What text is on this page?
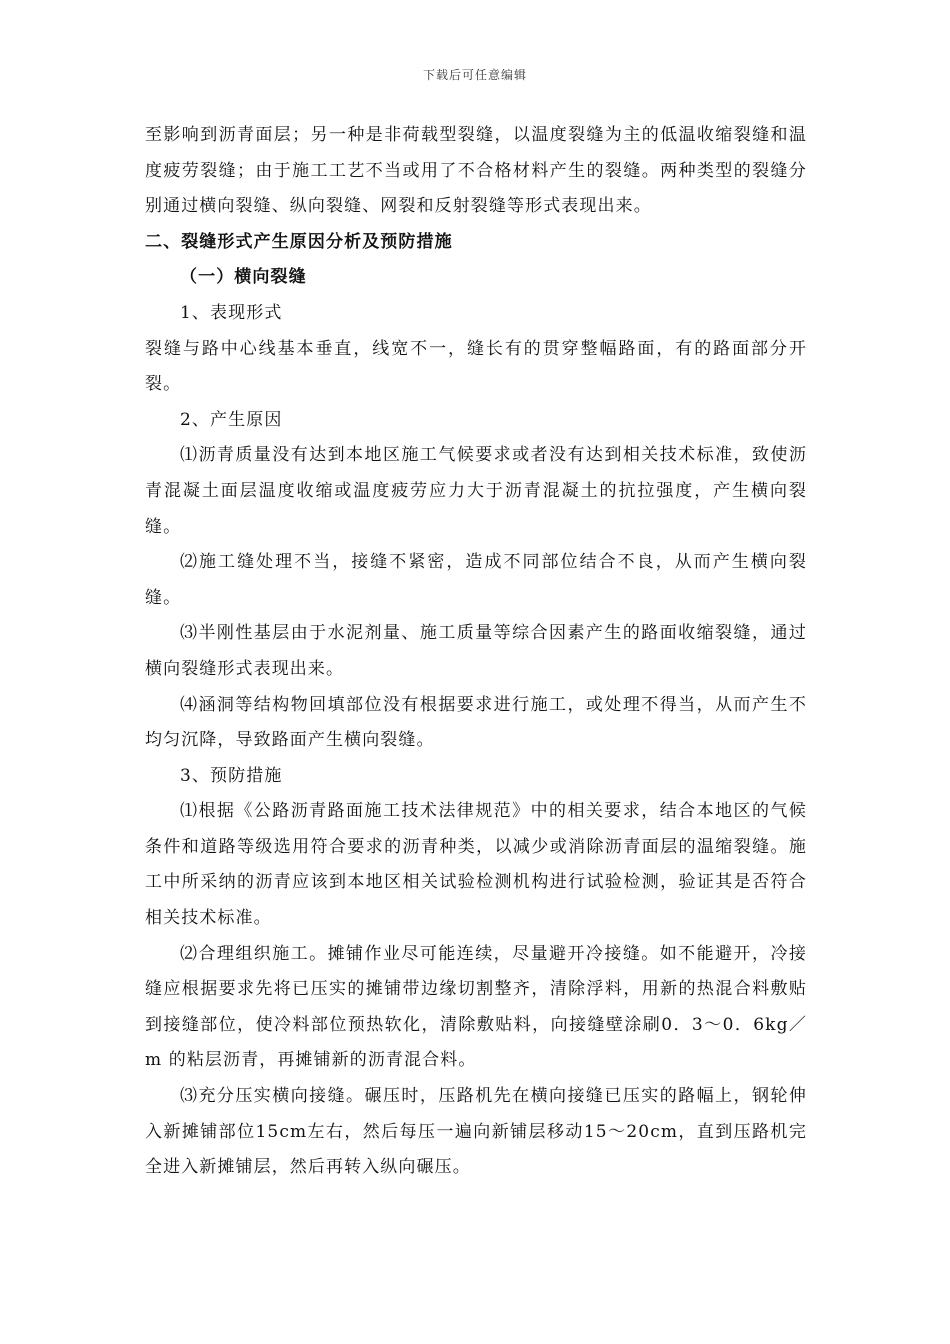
下载后可任意编辑

至影响到沥青面层；另一种是非荷载型裂缝，以温度裂缝为主的低温收缩裂缝和温度疲劳裂缝；由于施工工艺不当或用了不合格材料产生的裂缝。两种类型的裂缝分别通过横向裂缝、纵向裂缝、网裂和反射裂缝等形式表现出来。

二、裂缝形式产生原因分析及预防措施

（一）横向裂缝

1、表现形式

裂缝与路中心线基本垂直，线宽不一，缝长有的贯穿整幅路面，有的路面部分开裂。

2、产生原因

⑴沥青质量没有达到本地区施工气候要求或者没有达到相关技术标准，致使沥青混凝土面层温度收缩或温度疲劳应力大于沥青混凝土的抗拉强度，产生横向裂缝。

⑵施工缝处理不当，接缝不紧密，造成不同部位结合不良，从而产生横向裂缝。

⑶半刚性基层由于水泥剂量、施工质量等综合因素产生的路面收缩裂缝，通过横向裂缝形式表现出来。

⑷涵洞等结构物回填部位没有根据要求进行施工，或处理不得当，从而产生不均匀沉降，导致路面产生横向裂缝。

3、预防措施

⑴根据《公路沥青路面施工技术法律规范》中的相关要求，结合本地区的气候条件和道路等级选用符合要求的沥青种类，以减少或消除沥青面层的温缩裂缝。施工中所采纳的沥青应该到本地区相关试验检测机构进行试验检测，验证其是否符合相关技术标准。

⑵合理组织施工。摊铺作业尽可能连续，尽量避开冷接缝。如不能避开，冷接缝应根据要求先将已压实的摊铺带边缘切割整齐，清除浮料，用新的热混合料敷贴到接缝部位，使冷料部位预热软化，清除敷贴料，向接缝壁涂刷0．3～0．6kg／m 的粘层沥青，再摊铺新的沥青混合料。

⑶充分压实横向接缝。碾压时，压路机先在横向接缝已压实的路幅上，钢轮伸入新摊铺部位15cm左右，然后每压一遍向新铺层移动15～20cm，直到压路机完全进入新摊铺层，然后再转入纵向碾压。
